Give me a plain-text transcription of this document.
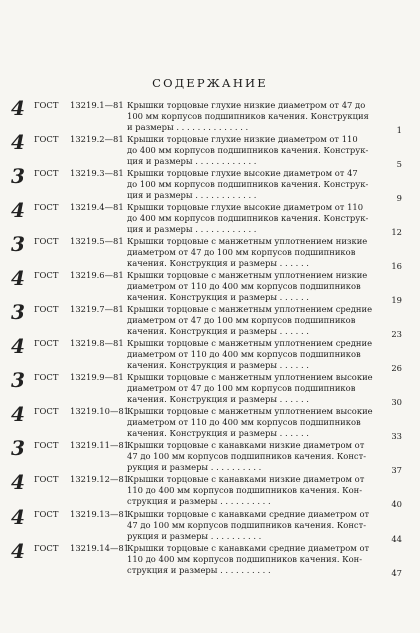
СОДЕРЖАНИЕ
4	ГОСТ 13219.1—81 Крышки торцовые глухие низкие диаметром от 47 до
100 мм корпусов подшипников качения. Конструкция
и размеры . . . . . . . . . . . . . .	1
4	ГОСТ 13219.2—81 Крышки торцовые глухие низкие диаметром от 110
до 400 мм корпусов подшипников качения. Конструк-
ция и размеры . . . . . . . . . . . .	5
3	ГОСТ 13219.3—81 Крышки торцовые глухие высокие диаметром от 47
до 100 мм корпусов подшипников качения. Конструк-
ция и размеры . . . . . . . . . . . .	9
4	ГОСТ 13219.4—81 Крышки торцовые глухие высокие диаметром от 110
до 400 мм корпусов подшипников качения. Конструк-
ция и размеры . . . . . . . . . . . .	12
3	ГОСТ 13219.5—81 Крышки торцовые с манжетным уплотнением низкие
диаметром от 47 до 100 мм корпусов подшипников
качения. Конструкция и размеры . . . . . .	16
4	ГОСТ 13219.6—81 Крышки торцовые с манжетным уплотнением низкие
диаметром от 110 до 400 мм корпусов подшипников
качения. Конструкция и размеры . . . . . .	19
3	ГОСТ 13219.7—81 Крышки торцовые с манжетным уплотнением средние
диаметром от 47 до 100 мм корпусов подшипников
качения. Конструкция и размеры . . . . . .	23
4	ГОСТ 13219.8—81 Крышки торцовые с манжетным уплотнением средние
диаметром от 110 до 400 мм корпусов подшипников
качения. Конструкция и размеры . . . . . .	26
3	ГОСТ 13219.9—81 Крышки торцовые с манжетным уплотнением высокие
диаметром от 47 до 100 мм корпусов подшипников
качения. Конструкция и размеры . . . . . .	30
4	ГОСТ 13219.10—81
Крышки торцовые с манжетным уплотнением высокие
диаметром от 110 до 400 мм корпусов подшипников
качения. Конструкция и размеры . . . . . .	33
3	ГОСТ 13219.11—81
Крышки торцовые с канавками низкие диаметром от
47 до 100 мм корпусов подшипников качения. Конст-
рукция и размеры . . . . . . . . . .	37
4	ГОСТ 13219.12—81
Крышки торцовые с канавками низкие диаметром от
110 до 400 мм корпусов подшипников качения. Кон-
струкция и размеры . . . . . . . . . .	40
4	ГОСТ 13219.13—81
Крышки торцовые с канавками средние диаметром от
47 до 100 мм корпусов подшипников качения. Конст-
рукция и размеры . . . . . . . . . .	44
4	ГОСТ 13219.14—81
Крышки торцовые с канавками средние диаметром от
110 до 400 мм корпусов подшипников качения. Кон-
струкция и размеры . . . . . . . . . .	47
